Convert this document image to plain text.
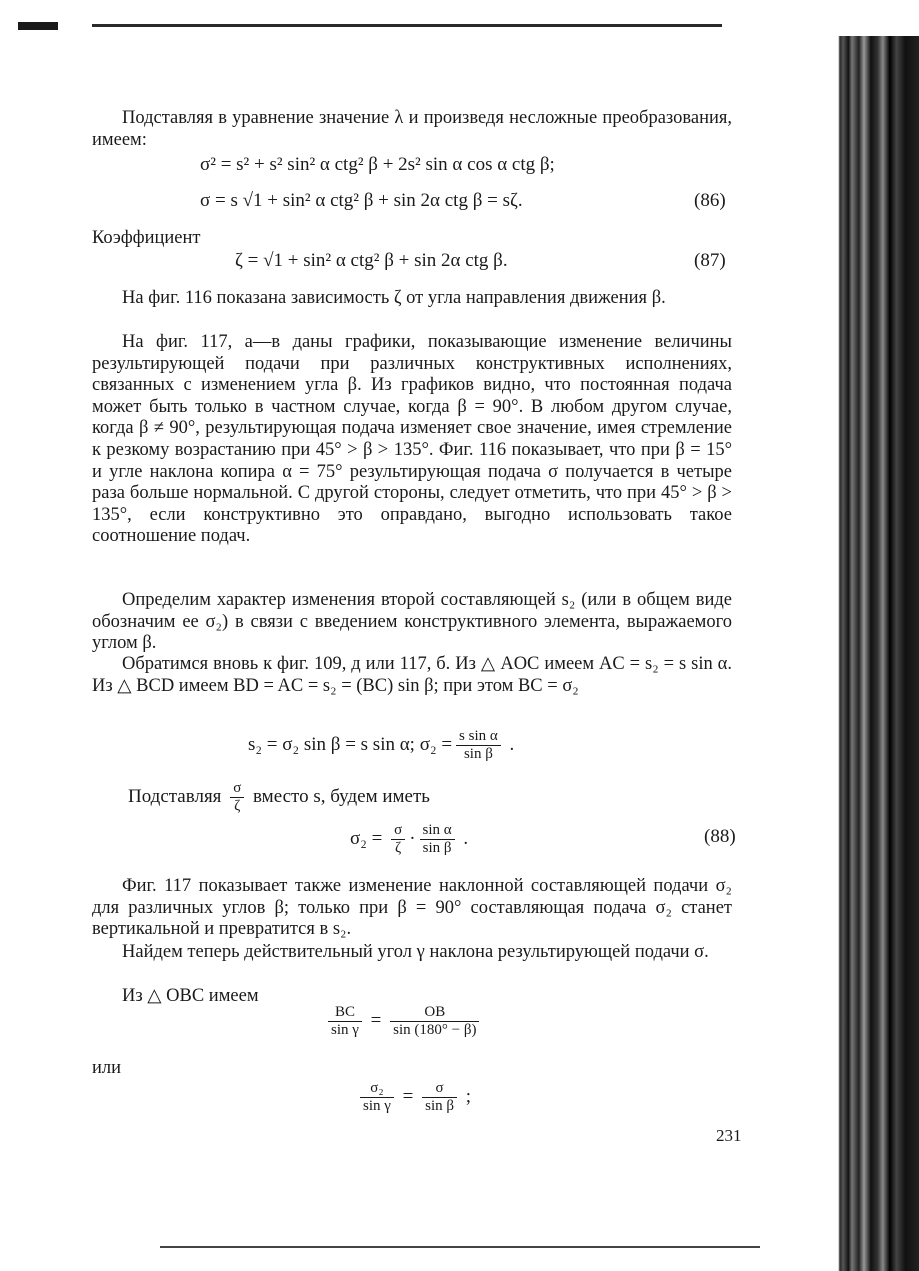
Подставляя в уравнение значение λ и произведя несложные преобразования, имеем:

σ² = s² + s² sin² α ctg² β + 2s² sin α cos α ctg β;
σ = s √1 + sin² α ctg² β + sin 2α ctg β = sζ.	(86)

Коэффициент

ζ = √1 + sin² α ctg² β + sin 2α ctg β.	(87)

На фиг. 116 показана зависимость ζ от угла направления движения β.

На фиг. 117, а—в даны графики, показывающие изменение величины результирующей подачи при различных конструктивных исполнениях, связанных с изменением угла β. Из графиков видно, что постоянная подача может быть только в частном случае, когда β = 90°. В любом другом случае, когда β ≠ 90°, результирующая подача изменяет свое значение, имея стремление к резкому возрастанию при 45° > β > 135°. Фиг. 116 показывает, что при β = 15° и угле наклона копира α = 75° результирующая подача σ получается в четыре раза больше нормальной. С другой стороны, следует отметить, что при 45° > β > 135°, если конструктивно это оправдано, выгодно использовать такое соотношение подач.

Определим характер изменения второй составляющей s₂ (или в общем виде обозначим ее σ₂) в связи с введением конструктивного элемента, выражаемого углом β.

Обратимся вновь к фиг. 109, д или 117, б. Из △ AOC имеем AC = s₂ = s sin α. Из △ BCD имеем BD = AC = s₂ = (BC) sin β; при этом BC = σ₂

s₂ = σ₂ sin β = s sin α; $\sigma_2 = \frac{\text{s sin α}}{\text{sin β}}$ .
Подставляя $\frac{\sigma}{\zeta}$ вместо s, будем иметь
$\sigma_2 = \frac{\sigma}{\zeta} \cdot \frac{\text{sin α}}{\text{sin β}}$ .	(88)

Фиг. 117 показывает также изменение наклонной составляющей подачи σ₂ для различных углов β; только при β = 90° составляющая подача σ₂ станет вертикальной и превратится в s₂.

Найдем теперь действительный угол γ наклона результирующей подачи σ.

Из △ OBC имеем

$\frac{BC}{\text{sin γ}} = \frac{OB}{\sin (180^\circ - \beta)}$

или

$\frac{\text{σ₂}}{\text{sin γ}} = \frac{\sigma}{\text{sin β}}$ ;
231
